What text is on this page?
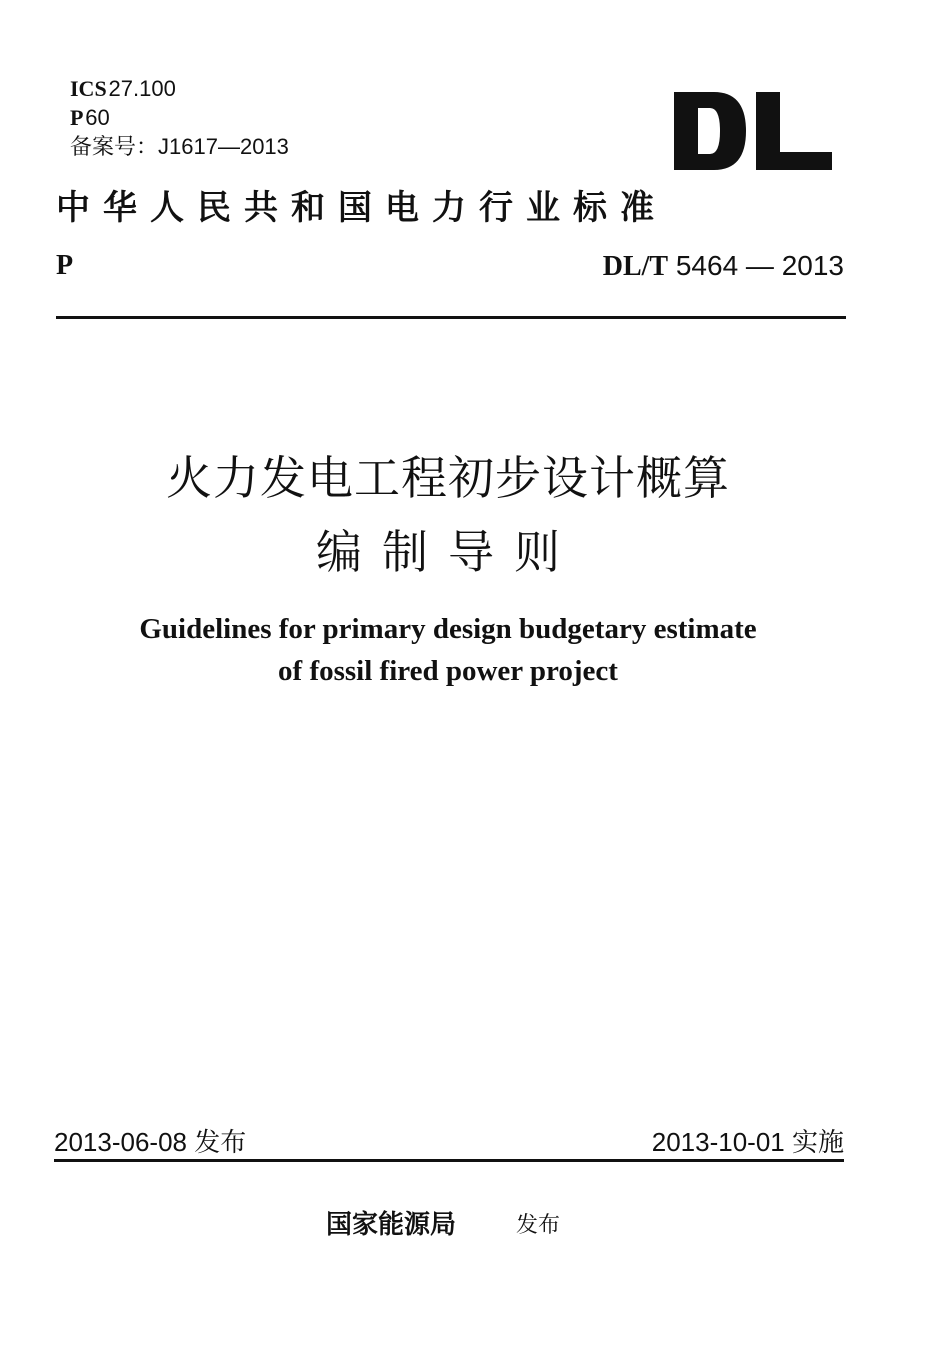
ICS 27.100
P 60
备案号：J1617—2013
中华人民共和国电力行业标准
P	DL/T 5464 — 2013
火力发电工程初步设计概算
编制导则
Guidelines for primary design budgetary estimate
of fossil fired power project
2013-06-08 发布	2013-10-01 实施
国家能源局	发布
